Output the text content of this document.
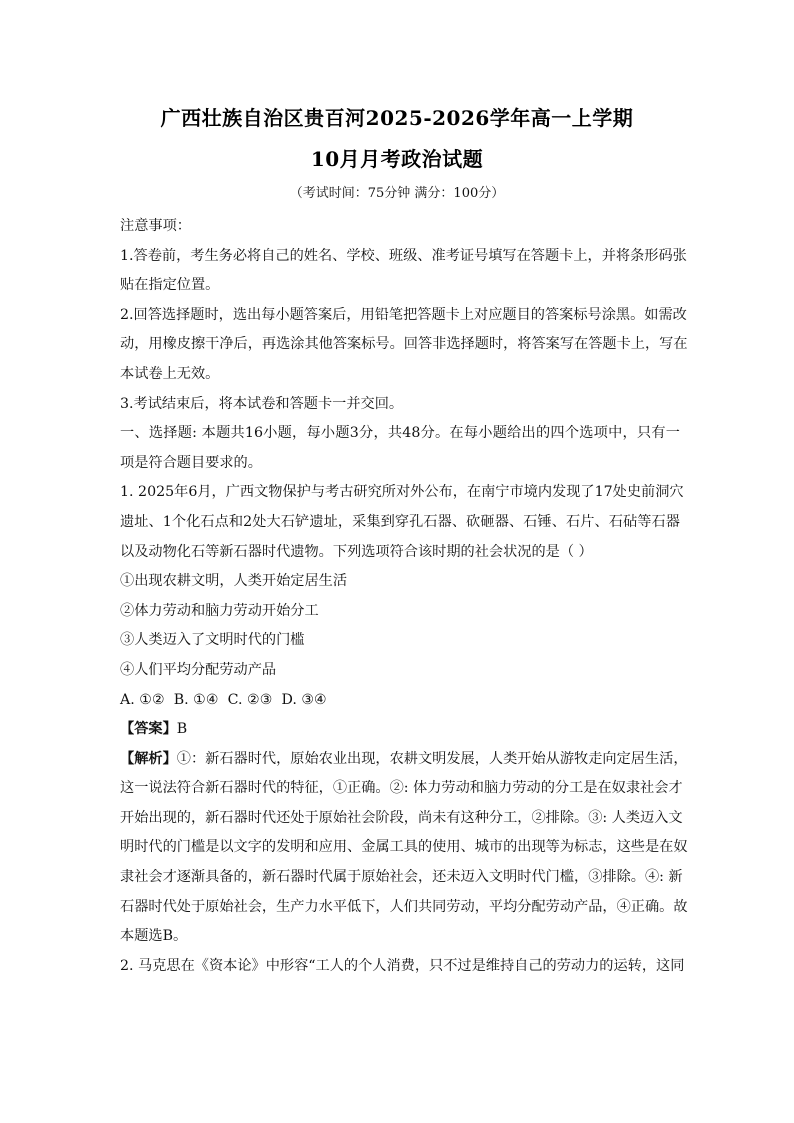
广西壮族自治区贵百河2025-2026学年高一上学期
10月月考政治试题
（考试时间：75分钟 满分：100分）
注意事项：
1.答卷前，考生务必将自己的姓名、学校、班级、准考证号填写在答题卡上，并将条形码张
贴在指定位置。
2.回答选择题时，选出每小题答案后，用铅笔把答题卡上对应题目的答案标号涂黑。如需改
动，用橡皮擦干净后，再选涂其他答案标号。回答非选择题时，将答案写在答题卡上，写在
本试卷上无效。
3.考试结束后，将本试卷和答题卡一并交回。
一、选择题: 本题共16小题，每小题3分，共48分。在每小题给出的四个选项中，只有一
项是符合题目要求的。
1. 2025年6月，广西文物保护与考古研究所对外公布，在南宁市境内发现了17处史前洞穴
遗址、1个化石点和2处大石铲遗址，采集到穿孔石器、砍砸器、石锤、石片、石砧等石器
以及动物化石等新石器时代遗物。下列选项符合该时期的社会状况的是（ ）
①出现农耕文明，人类开始定居生活
②体力劳动和脑力劳动开始分工
③人类迈入了文明时代的门槛
④人们平均分配劳动产品
A. ①②  B. ①④  C. ②③  D. ③④
【答案】B
【解析】①：新石器时代，原始农业出现，农耕文明发展，人类开始从游牧走向定居生活，
这一说法符合新石器时代的特征，①正确。②: 体力劳动和脑力劳动的分工是在奴隶社会才
开始出现的，新石器时代还处于原始社会阶段，尚未有这种分工，②排除。③: 人类迈入文
明时代的门槛是以文字的发明和应用、金属工具的使用、城市的出现等为标志，这些是在奴
隶社会才逐渐具备的，新石器时代属于原始社会，还未迈入文明时代门槛，③排除。④: 新
石器时代处于原始社会，生产力水平低下，人们共同劳动，平均分配劳动产品，④正确。故
本题选B。
2. 马克思在《资本论》中形容“工人的个人消费，只不过是维持自己的劳动力的运转，这同
